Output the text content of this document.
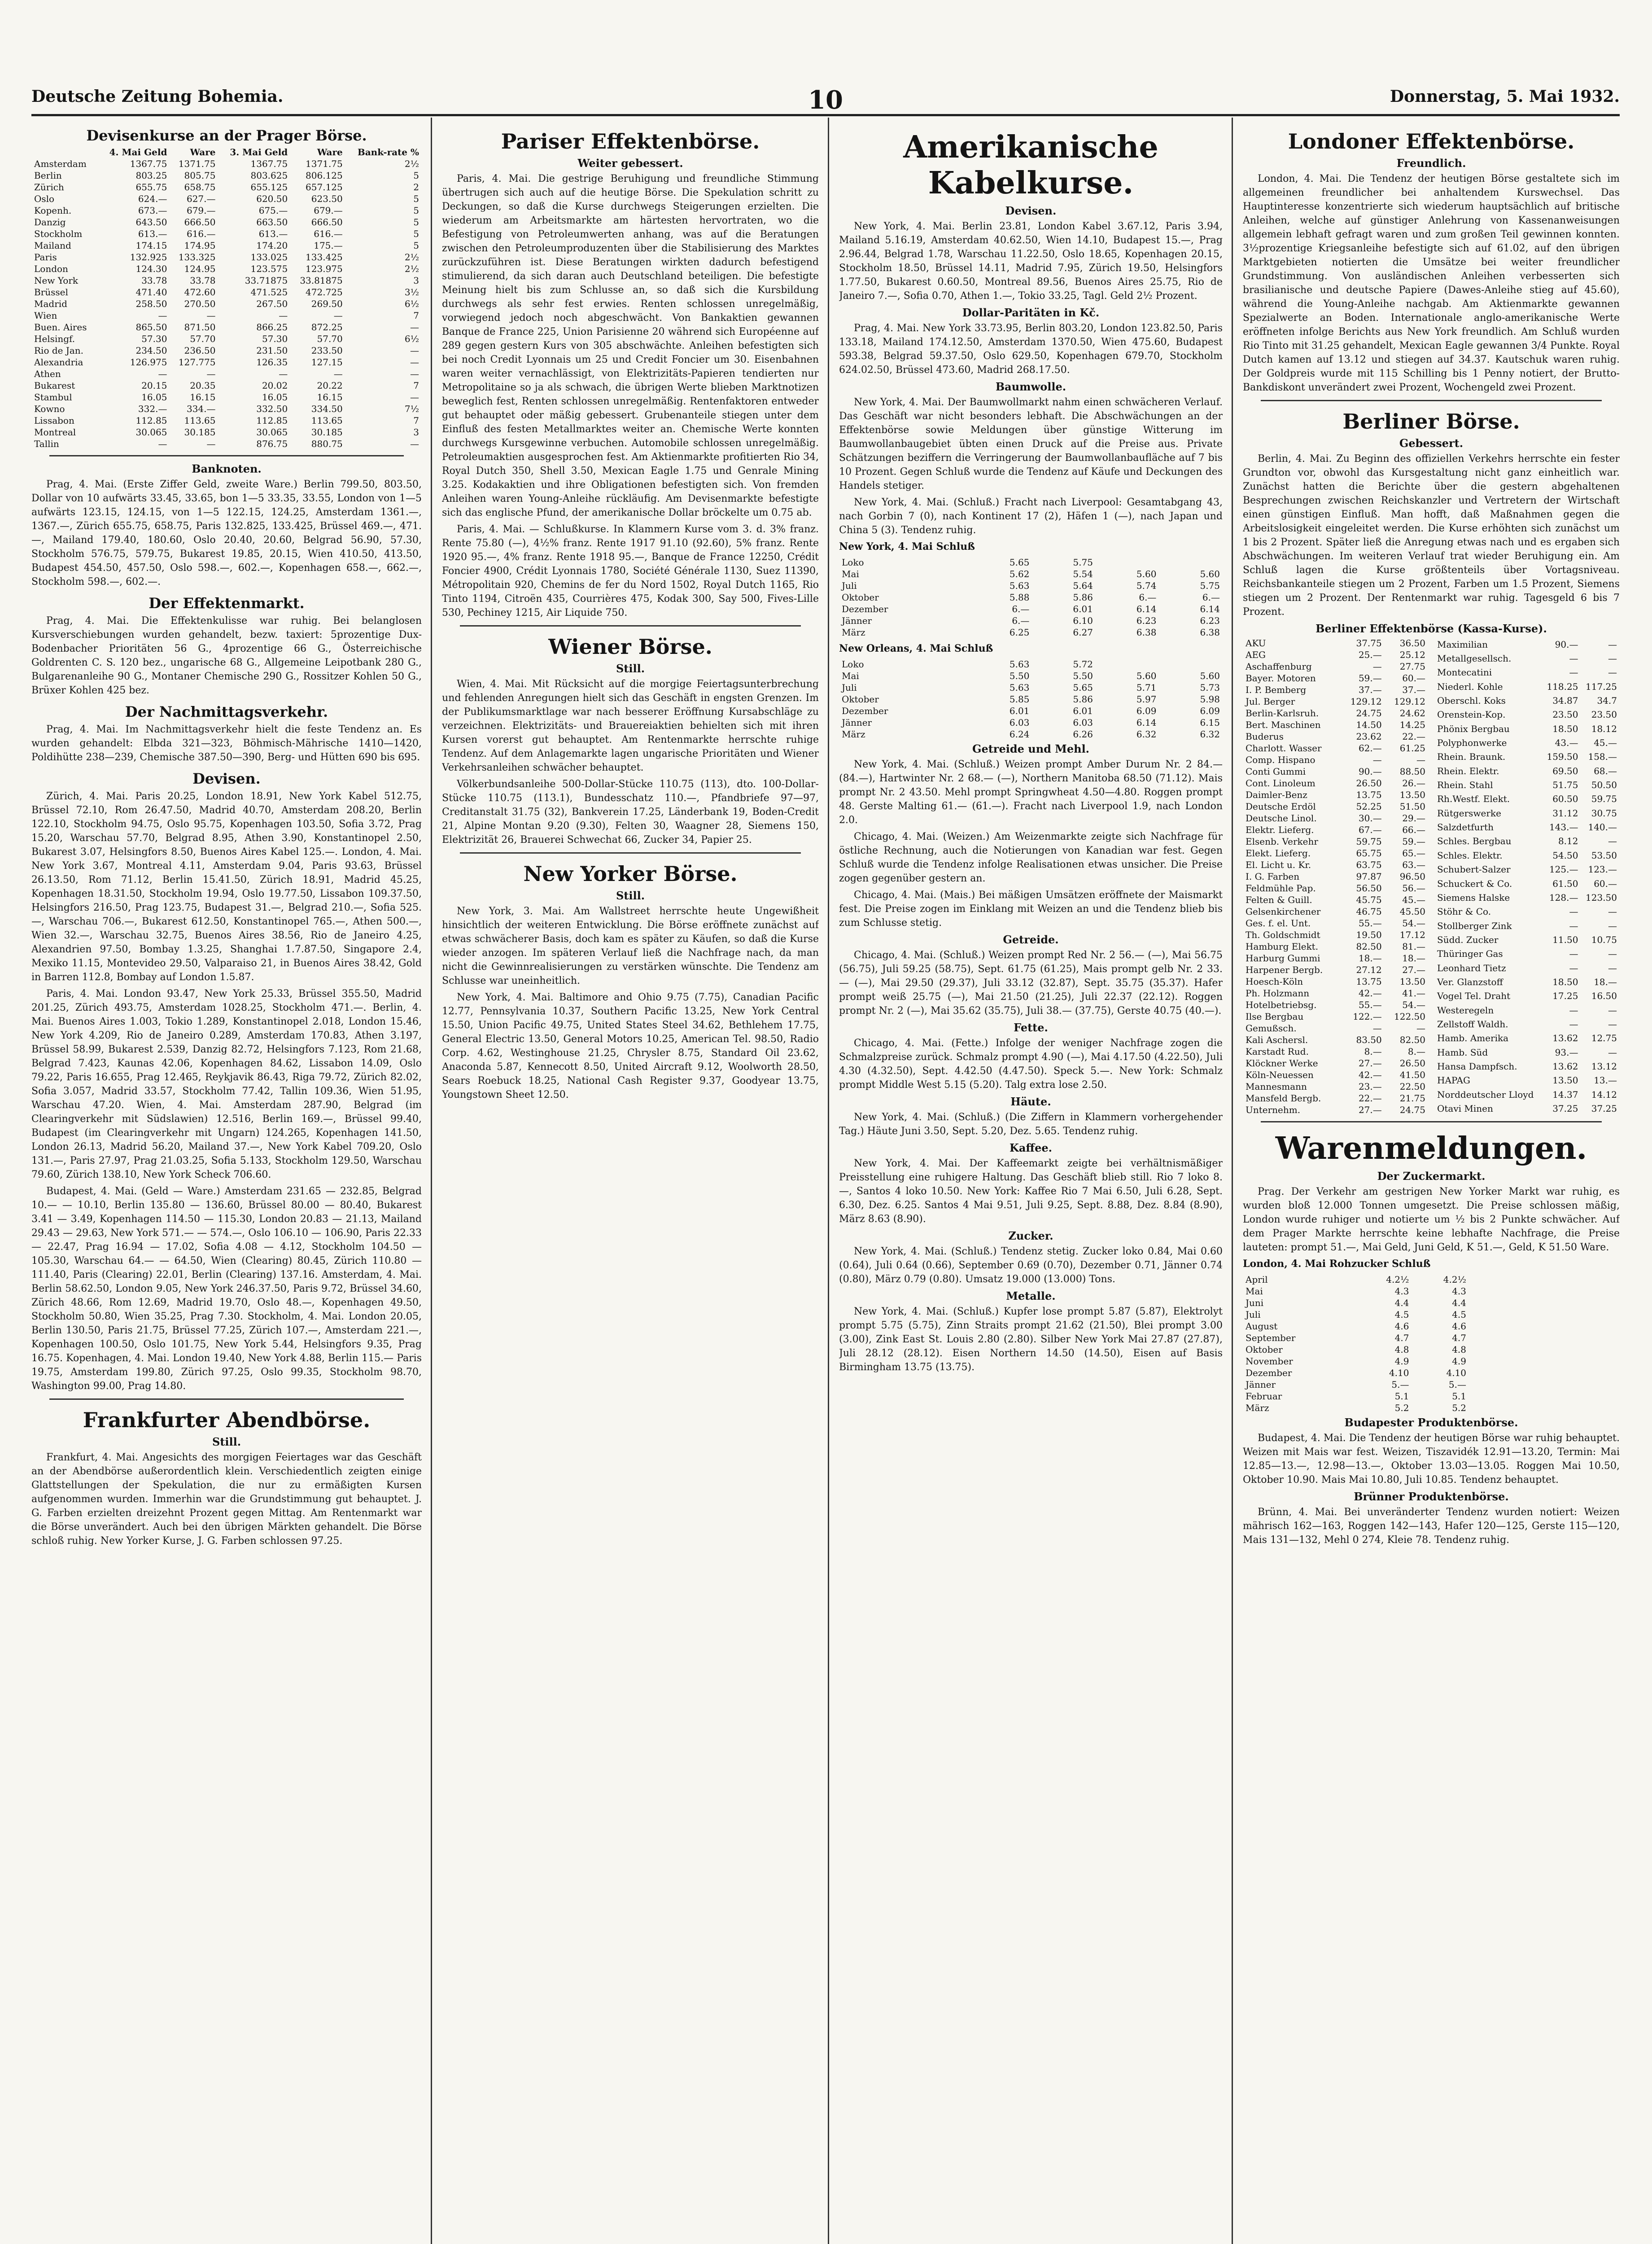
Deutsche Zeitung Bohemia.	10	Donnerstag, 5. Mai 1932.
Devisenkurse an der Prager Börse.
	4. Mai Geld	Ware	3. Mai Geld	Ware	Bank-rate %
Amsterdam	1367.75	1371.75	1367.75	1371.75	2½
Berlin	803.25	805.75	803.625	806.125	5
Zürich	655.75	658.75	655.125	657.125	2
Oslo	624.—	627.—	620.50	623.50	5
Kopenh.	673.—	679.—	675.—	679.—	5
Danzig	643.50	666.50	663.50	666.50	5
Stockholm	613.—	616.—	613.—	616.—	5
Mailand	174.15	174.95	174.20	175.—	5
Paris	132.925	133.325	133.025	133.425	2½
London	124.30	124.95	123.575	123.975	2½
New York	33.78	33.78	33.71875	33.81875	3
Brüssel	471.40	472.60	471.525	472.725	3½
Madrid	258.50	270.50	267.50	269.50	6½
Wien	—	—	—	—	7
Buen. Aires	865.50	871.50	866.25	872.25	—
Helsingf.	57.30	57.70	57.30	57.70	6½
Rio de Jan.	234.50	236.50	231.50	233.50	—
Alexandria	126.975	127.775	126.35	127.15	—
Athen	—	—	—	—	—
Bukarest	20.15	20.35	20.02	20.22	7
Stambul	16.05	16.15	16.05	16.15	—
Kowno	332.—	334.—	332.50	334.50	7½
Lissabon	112.85	113.65	112.85	113.65	7
Montreal	30.065	30.185	30.065	30.185	3
Tallin	—	—	876.75	880.75	—
Banknoten.

Prag, 4. Mai. (Erste Ziffer Geld, zweite Ware.) Berlin 799.50, 803.50, Dollar von 10 aufwärts 33.45, 33.65, bon 1—5 33.35, 33.55, London von 1—5 aufwärts 123.15, 124.15, von 1—5 122.15, 124.25, Amsterdam 1361.—, 1367.—, Zürich 655.75, 658.75, Paris 132.825, 133.425, Brüssel 469.—, 471.—, Mailand 179.40, 180.60, Oslo 20.40, 20.60, Belgrad 56.90, 57.30, Stockholm 576.75, 579.75, Bukarest 19.85, 20.15, Wien 410.50, 413.50, Budapest 454.50, 457.50, Oslo 598.—, 602.—, Kopenhagen 658.—, 662.—, Stockholm 598.—, 602.—.

Der Effektenmarkt.

Prag, 4. Mai. Die Effektenkulisse war ruhig. Bei belanglosen Kursverschiebungen wurden gehandelt, bezw. taxiert: 5prozentige Dux-Bodenbacher Prioritäten 56 G., 4prozentige 66 G., Österreichische Goldrenten C. S. 120 bez., ungarische 68 G., Allgemeine Leipotbank 280 G., Bulgarenanleihe 90 G., Montaner Chemische 290 G., Rossitzer Kohlen 50 G., Brüxer Kohlen 425 bez.

Der Nachmittagsverkehr.

Prag, 4. Mai. Im Nachmittagsverkehr hielt die feste Tendenz an. Es wurden gehandelt: Elbda 321—323, Böhmisch-Mährische 1410—1420, Poldihütte 238—239, Chemische 387.50—390, Berg- und Hütten 690 bis 695.

Devisen.

Zürich, 4. Mai. Paris 20.25, London 18.91, New York Kabel 512.75, Brüssel 72.10, Rom 26.47.50, Madrid 40.70, Amsterdam 208.20, Berlin 122.10, Stockholm 94.75, Oslo 95.75, Kopenhagen 103.50, Sofia 3.72, Prag 15.20, Warschau 57.70, Belgrad 8.95, Athen 3.90, Konstantinopel 2.50, Bukarest 3.07, Helsingfors 8.50, Buenos Aires Kabel 125.—. London, 4. Mai. New York 3.67, Montreal 4.11, Amsterdam 9.04, Paris 93.63, Brüssel 26.13.50, Rom 71.12, Berlin 15.41.50, Zürich 18.91, Madrid 45.25, Kopenhagen 18.31.50, Stockholm 19.94, Oslo 19.77.50, Lissabon 109.37.50, Helsingfors 216.50, Prag 123.75, Budapest 31.—, Belgrad 210.—, Sofia 525.—, Warschau 706.—, Bukarest 612.50, Konstantinopel 765.—, Athen 500.—, Wien 32.—, Warschau 32.75, Buenos Aires 38.56, Rio de Janeiro 4.25, Alexandrien 97.50, Bombay 1.3.25, Shanghai 1.7.87.50, Singapore 2.4, Mexiko 11.15, Montevideo 29.50, Valparaiso 21, in Buenos Aires 38.42, Gold in Barren 112.8, Bombay auf London 1.5.87.

Paris, 4. Mai. London 93.47, New York 25.33, Brüssel 355.50, Madrid 201.25, Zürich 493.75, Amsterdam 1028.25, Stockholm 471.—. Berlin, 4. Mai. Buenos Aires 1.003, Tokio 1.289, Konstantinopel 2.018, London 15.46, New York 4.209, Rio de Janeiro 0.289, Amsterdam 170.83, Athen 3.197, Brüssel 58.99, Bukarest 2.539, Danzig 82.72, Helsingfors 7.123, Rom 21.68, Belgrad 7.423, Kaunas 42.06, Kopenhagen 84.62, Lissabon 14.09, Oslo 79.22, Paris 16.655, Prag 12.465, Reykjavik 86.43, Riga 79.72, Zürich 82.02, Sofia 3.057, Madrid 33.57, Stockholm 77.42, Tallin 109.36, Wien 51.95, Warschau 47.20. Wien, 4. Mai. Amsterdam 287.90, Belgrad (im Clearingverkehr mit Südslawien) 12.516, Berlin 169.—, Brüssel 99.40, Budapest (im Clearingverkehr mit Ungarn) 124.265, Kopenhagen 141.50, London 26.13, Madrid 56.20, Mailand 37.—, New York Kabel 709.20, Oslo 131.—, Paris 27.97, Prag 21.03.25, Sofia 5.133, Stockholm 129.50, Warschau 79.60, Zürich 138.10, New York Scheck 706.60.

Budapest, 4. Mai. (Geld — Ware.) Amsterdam 231.65 — 232.85, Belgrad 10.— — 10.10, Berlin 135.80 — 136.60, Brüssel 80.00 — 80.40, Bukarest 3.41 — 3.49, Kopenhagen 114.50 — 115.30, London 20.83 — 21.13, Mailand 29.43 — 29.63, New York 571.— — 574.—, Oslo 106.10 — 106.90, Paris 22.33 — 22.47, Prag 16.94 — 17.02, Sofia 4.08 — 4.12, Stockholm 104.50 — 105.30, Warschau 64.— — 64.50, Wien (Clearing) 80.45, Zürich 110.80 — 111.40, Paris (Clearing) 22.01, Berlin (Clearing) 137.16. Amsterdam, 4. Mai. Berlin 58.62.50, London 9.05, New York 246.37.50, Paris 9.72, Brüssel 34.60, Zürich 48.66, Rom 12.69, Madrid 19.70, Oslo 48.—, Kopenhagen 49.50, Stockholm 50.80, Wien 35.25, Prag 7.30. Stockholm, 4. Mai. London 20.05, Berlin 130.50, Paris 21.75, Brüssel 77.25, Zürich 107.—, Amsterdam 221.—, Kopenhagen 100.50, Oslo 101.75, New York 5.44, Helsingfors 9.35, Prag 16.75. Kopenhagen, 4. Mai. London 19.40, New York 4.88, Berlin 115.— Paris 19.75, Amsterdam 199.80, Zürich 97.25, Oslo 99.35, Stockholm 98.70, Washington 99.00, Prag 14.80.

Frankfurter Abendbörse.
Still.

Frankfurt, 4. Mai. Angesichts des morgigen Feiertages war das Geschäft an der Abendbörse außerordentlich klein. Verschiedentlich zeigten einige Glattstellungen der Spekulation, die nur zu ermäßigten Kursen aufgenommen wurden. Immerhin war die Grundstimmung gut behauptet. J. G. Farben erzielten dreizehnt Prozent gegen Mittag. Am Rentenmarkt war die Börse unverändert. Auch bei den übrigen Märkten gehandelt. Die Börse schloß ruhig. New Yorker Kurse, J. G. Farben schlossen 97.25.

Pariser Effektenbörse.
Weiter gebessert.

Paris, 4. Mai. Die gestrige Beruhigung und freundliche Stimmung übertrugen sich auch auf die heutige Börse. Die Spekulation schritt zu Deckungen, so daß die Kurse durchwegs Steigerungen erzielten. Die wiederum am Arbeitsmarkte am härtesten hervortraten, wo die Befestigung von Petroleumwerten anhang, was auf die Beratungen zwischen den Petroleumproduzenten über die Stabilisierung des Marktes zurückzuführen ist. Diese Beratungen wirkten dadurch befestigend stimulierend, da sich daran auch Deutschland beteiligen. Die befestigte Meinung hielt bis zum Schlusse an, so daß sich die Kursbildung durchwegs als sehr fest erwies. Renten schlossen unregelmäßig, vorwiegend jedoch noch abgeschwächt. Von Bankaktien gewannen Banque de France 225, Union Parisienne 20 während sich Européenne auf 289 gegen gestern Kurs von 305 abschwächte. Anleihen befestigten sich bei noch Credit Lyonnais um 25 und Credit Foncier um 30. Eisenbahnen waren weiter vernachlässigt, von Elektrizitäts-Papieren tendierten nur Metropolitaine so ja als schwach, die übrigen Werte blieben Marktnotizen beweglich fest, Renten schlossen unregelmäßig. Rentenfaktoren entweder gut behauptet oder mäßig gebessert. Grubenanteile stiegen unter dem Einfluß des festen Metallmarktes weiter an. Chemische Werte konnten durchwegs Kursgewinne verbuchen. Automobile schlossen unregelmäßig. Petroleumaktien ausgesprochen fest. Am Aktienmarkte profitierten Rio 34, Royal Dutch 350, Shell 3.50, Mexican Eagle 1.75 und Genrale Mining 3.25. Kodakaktien und ihre Obligationen befestigten sich. Von fremden Anleihen waren Young-Anleihe rückläufig. Am Devisenmarkte befestigte sich das englische Pfund, der amerikanische Dollar bröckelte um 0.75 ab.

Paris, 4. Mai. — Schlußkurse. In Klammern Kurse vom 3. d. 3% franz. Rente 75.80 (—), 4½% franz. Rente 1917 91.10 (92.60), 5% franz. Rente 1920 95.—, 4% franz. Rente 1918 95.—, Banque de France 12250, Crédit Foncier 4900, Crédit Lyonnais 1780, Société Générale 1130, Suez 11390, Métropolitain 920, Chemins de fer du Nord 1502, Royal Dutch 1165, Rio Tinto 1194, Citroën 435, Courrières 475, Kodak 300, Say 500, Fives-Lille 530, Pechiney 1215, Air Liquide 750.

Wiener Börse.
Still.

Wien, 4. Mai. Mit Rücksicht auf die morgige Feiertagsunterbrechung und fehlenden Anregungen hielt sich das Geschäft in engsten Grenzen. Im der Publikumsmarktlage war nach besserer Eröffnung Kursabschläge zu verzeichnen. Elektrizitäts- und Brauereiaktien behielten sich mit ihren Kursen vorerst gut behauptet. Am Rentenmarkte herrschte ruhige Tendenz. Auf dem Anlagemarkte lagen ungarische Prioritäten und Wiener Verkehrsanleihen schwächer behauptet.

Völkerbundsanleihe 500-Dollar-Stücke 110.75 (113), dto. 100-Dollar-Stücke 110.75 (113.1), Bundesschatz 110.—, Pfandbriefe 97—97, Creditanstalt 31.75 (32), Bankverein 17.25, Länderbank 19, Boden-Credit 21, Alpine Montan 9.20 (9.30), Felten 30, Waagner 28, Siemens 150, Elektrizität 26, Brauerei Schwechat 66, Zucker 34, Papier 25.

New Yorker Börse.
Still.

New York, 3. Mai. Am Wallstreet herrschte heute Ungewißheit hinsichtlich der weiteren Entwicklung. Die Börse eröffnete zunächst auf etwas schwächerer Basis, doch kam es später zu Käufen, so daß die Kurse wieder anzogen. Im späteren Verlauf ließ die Nachfrage nach, da man nicht die Gewinnrealisierungen zu verstärken wünschte. Die Tendenz am Schlusse war uneinheitlich.

New York, 4. Mai. Baltimore and Ohio 9.75 (7.75), Canadian Pacific 12.77, Pennsylvania 10.37, Southern Pacific 13.25, New York Central 15.50, Union Pacific 49.75, United States Steel 34.62, Bethlehem 17.75, General Electric 13.50, General Motors 10.25, American Tel. 98.50, Radio Corp. 4.62, Westinghouse 21.25, Chrysler 8.75, Standard Oil 23.62, Anaconda 5.87, Kennecott 8.50, United Aircraft 9.12, Woolworth 28.50, Sears Roebuck 18.25, National Cash Register 9.37, Goodyear 13.75, Youngstown Sheet 12.50.

Amerikanische Kabelkurse.
Devisen.

New York, 4. Mai. Berlin 23.81, London Kabel 3.67.12, Paris 3.94, Mailand 5.16.19, Amsterdam 40.62.50, Wien 14.10, Budapest 15.—, Prag 2.96.44, Belgrad 1.78, Warschau 11.22.50, Oslo 18.65, Kopenhagen 20.15, Stockholm 18.50, Brüssel 14.11, Madrid 7.95, Zürich 19.50, Helsingfors 1.77.50, Bukarest 0.60.50, Montreal 89.56, Buenos Aires 25.75, Rio de Janeiro 7.—, Sofia 0.70, Athen 1.—, Tokio 33.25, Tagl. Geld 2½ Prozent.

Dollar-Paritäten in Kč.

Prag, 4. Mai. New York 33.73.95, Berlin 803.20, London 123.82.50, Paris 133.18, Mailand 174.12.50, Amsterdam 1370.50, Wien 475.60, Budapest 593.38, Belgrad 59.37.50, Oslo 629.50, Kopenhagen 679.70, Stockholm 624.02.50, Brüssel 473.60, Madrid 268.17.50.

Baumwolle.

New York, 4. Mai. Der Baumwollmarkt nahm einen schwächeren Verlauf. Das Geschäft war nicht besonders lebhaft. Die Abschwächungen an der Effektenbörse sowie Meldungen über günstige Witterung im Baumwollanbaugebiet übten einen Druck auf die Preise aus. Private Schätzungen beziffern die Verringerung der Baumwollanbaufläche auf 7 bis 10 Prozent. Gegen Schluß wurde die Tendenz auf Käufe und Deckungen des Handels stetiger.

New York, 4. Mai. (Schluß.) Fracht nach Liverpool: Gesamtabgang 43, nach Gorbin 7 (0), nach Kontinent 17 (2), Häfen 1 (—), nach Japan und China 5 (3). Tendenz ruhig.

New York, 4. Mai Schluß

Loko	5.65	5.75		
Mai	5.62	5.54	5.60	5.60
Juli	5.63	5.64	5.74	5.75
Oktober	5.88	5.86	6.—	6.—
Dezember	6.—	6.01	6.14	6.14
Jänner	6.—	6.10	6.23	6.23
März	6.25	6.27	6.38	6.38

New Orleans, 4. Mai Schluß

Loko	5.63	5.72		
Mai	5.50	5.50	5.60	5.60
Juli	5.63	5.65	5.71	5.73
Oktober	5.85	5.86	5.97	5.98
Dezember	6.01	6.01	6.09	6.09
Jänner	6.03	6.03	6.14	6.15
März	6.24	6.26	6.32	6.32
Getreide und Mehl.

New York, 4. Mai. (Schluß.) Weizen prompt Amber Durum Nr. 2 84.— (84.—), Hartwinter Nr. 2 68.— (—), Northern Manitoba 68.50 (71.12). Mais prompt Nr. 2 43.50. Mehl prompt Springwheat 4.50—4.80. Roggen prompt 48. Gerste Malting 61.— (61.—). Fracht nach Liverpool 1.9, nach London 2.0.

Chicago, 4. Mai. (Weizen.) Am Weizenmarkte zeigte sich Nachfrage für östliche Rechnung, auch die Notierungen von Kanadian war fest. Gegen Schluß wurde die Tendenz infolge Realisationen etwas unsicher. Die Preise zogen gegenüber gestern an.

Chicago, 4. Mai. (Mais.) Bei mäßigen Umsätzen eröffnete der Maismarkt fest. Die Preise zogen im Einklang mit Weizen an und die Tendenz blieb bis zum Schlusse stetig.

Getreide.

Chicago, 4. Mai. (Schluß.) Weizen prompt Red Nr. 2 56.— (—), Mai 56.75 (56.75), Juli 59.25 (58.75), Sept. 61.75 (61.25), Mais prompt gelb Nr. 2 33.— (—), Mai 29.50 (29.37), Juli 33.12 (32.87), Sept. 35.75 (35.37). Hafer prompt weiß 25.75 (—), Mai 21.50 (21.25), Juli 22.37 (22.12). Roggen prompt Nr. 2 (—), Mai 35.62 (35.75), Juli 38.— (37.75), Gerste 40.75 (40.—).

Fette.

Chicago, 4. Mai. (Fette.) Infolge der weniger Nachfrage zogen die Schmalzpreise zurück. Schmalz prompt 4.90 (—), Mai 4.17.50 (4.22.50), Juli 4.30 (4.32.50), Sept. 4.42.50 (4.47.50). Speck 5.—. New York: Schmalz prompt Middle West 5.15 (5.20). Talg extra lose 2.50.

Häute.

New York, 4. Mai. (Schluß.) (Die Ziffern in Klammern vorhergehender Tag.) Häute Juni 3.50, Sept. 5.20, Dez. 5.65. Tendenz ruhig.

Kaffee.

New York, 4. Mai. Der Kaffeemarkt zeigte bei verhältnismäßiger Preisstellung eine ruhigere Haltung. Das Geschäft blieb still. Rio 7 loko 8.—, Santos 4 loko 10.50. New York: Kaffee Rio 7 Mai 6.50, Juli 6.28, Sept. 6.30, Dez. 6.25. Santos 4 Mai 9.51, Juli 9.25, Sept. 8.88, Dez. 8.84 (8.90), März 8.63 (8.90).

Zucker.

New York, 4. Mai. (Schluß.) Tendenz stetig. Zucker loko 0.84, Mai 0.60 (0.64), Juli 0.64 (0.66), September 0.69 (0.70), Dezember 0.71, Jänner 0.74 (0.80), März 0.79 (0.80). Umsatz 19.000 (13.000) Tons.

Metalle.

New York, 4. Mai. (Schluß.) Kupfer lose prompt 5.87 (5.87), Elektrolyt prompt 5.75 (5.75), Zinn Straits prompt 21.62 (21.50), Blei prompt 3.00 (3.00), Zink East St. Louis 2.80 (2.80). Silber New York Mai 27.87 (27.87), Juli 28.12 (28.12). Eisen Northern 14.50 (14.50), Eisen auf Basis Birmingham 13.75 (13.75).

Londoner Effektenbörse.
Freundlich.

London, 4. Mai. Die Tendenz der heutigen Börse gestaltete sich im allgemeinen freundlicher bei anhaltendem Kurswechsel. Das Hauptinteresse konzentrierte sich wiederum hauptsächlich auf britische Anleihen, welche auf günstiger Anlehrung von Kassenanweisungen allgemein lebhaft gefragt waren und zum großen Teil gewinnen konnten. 3½prozentige Kriegsanleihe befestigte sich auf 61.02, auf den übrigen Marktgebieten notierten die Umsätze bei weiter freundlicher Grundstimmung. Von ausländischen Anleihen verbesserten sich brasilianische und deutsche Papiere (Dawes-Anleihe stieg auf 45.60), während die Young-Anleihe nachgab. Am Aktienmarkte gewannen Spezialwerte an Boden. Internationale anglo-amerikanische Werte eröffneten infolge Berichts aus New York freundlich. Am Schluß wurden Rio Tinto mit 31.25 gehandelt, Mexican Eagle gewannen 3/4 Punkte. Royal Dutch kamen auf 13.12 und stiegen auf 34.37. Kautschuk waren ruhig. Der Goldpreis wurde mit 115 Schilling bis 1 Penny notiert, der Brutto-Bankdiskont unverändert zwei Prozent, Wochengeld zwei Prozent.

Berliner Börse.
Gebessert.

Berlin, 4. Mai. Zu Beginn des offiziellen Verkehrs herrschte ein fester Grundton vor, obwohl das Kursgestaltung nicht ganz einheitlich war. Zunächst hatten die Berichte über die gestern abgehaltenen Besprechungen zwischen Reichskanzler und Vertretern der Wirtschaft einen günstigen Einfluß. Man hofft, daß Maßnahmen gegen die Arbeitslosigkeit eingeleitet werden. Die Kurse erhöhten sich zunächst um 1 bis 2 Prozent. Später ließ die Anregung etwas nach und es ergaben sich Abschwächungen. Im weiteren Verlauf trat wieder Beruhigung ein. Am Schluß lagen die Kurse größtenteils über Vortagsniveau. Reichsbankanteile stiegen um 2 Prozent, Farben um 1.5 Prozent, Siemens stiegen um 2 Prozent. Der Rentenmarkt war ruhig. Tagesgeld 6 bis 7 Prozent.

Berliner Effektenbörse (Kassa-Kurse).
AKU	37.75	36.50
AEG	25.—	25.12
Aschaffenburg	—	27.75
Bayer. Motoren	59.—	60.—
I. P. Bemberg	37.—	37.—
Jul. Berger	129.12	129.12
Berlin-Karlsruh.	24.75	24.62
Bert. Maschinen	14.50	14.25
Buderus	23.62	22.—
Charlott. Wasser	62.—	61.25
Comp. Hispano	—	—
Conti Gummi	90.—	88.50
Cont. Linoleum	26.50	26.—
Daimler-Benz	13.75	13.50
Deutsche Erdöl	52.25	51.50
Deutsche Linol.	30.—	29.—
Elektr. Lieferg.	67.—	66.—
Elsenb. Verkehr	59.75	59.—
Elekt. Lieferg.	65.75	65.—
El. Licht u. Kr.	63.75	63.—
I. G. Farben	97.87	96.50
Feldmühle Pap.	56.50	56.—
Felten & Guill.	45.75	45.—
Gelsenkirchener	46.75	45.50
Ges. f. el. Unt.	55.—	54.—
Th. Goldschmidt	19.50	17.12
Hamburg Elekt.	82.50	81.—
Harburg Gummi	18.—	18.—
Harpener Bergb.	27.12	27.—
Hoesch-Köln	13.75	13.50
Ph. Holzmann	42.—	41.—
Hotelbetriebsg.	55.—	54.—
Ilse Bergbau	122.—	122.50
Gemußsch.	—	—
Kali Aschersl.	83.50	82.50
Karstadt Rud.	8.—	8.—
Klöckner Werke	27.—	26.50
Köln-Neuessen	42.—	41.50
Mannesmann	23.—	22.50
Mansfeld Bergb.	22.—	21.75
Unternehm.	27.—	24.75
Maximilian	90.—	—
Metallgesellsch.	—	—
Montecatini	—	—
Niederl. Kohle	118.25	117.25
Oberschl. Koks	34.87	34.7
Orenstein-Kop.	23.50	23.50
Phönix Bergbau	18.50	18.12
Polyphonwerke	43.—	45.—
Rhein. Braunk.	159.50	158.—
Rhein. Elektr.	69.50	68.—
Rhein. Stahl	51.75	50.50
Rh.Westf. Elekt.	60.50	59.75
Rütgerswerke	31.12	30.75
Salzdetfurth	143.—	140.—
Schles. Bergbau	8.12	—
Schles. Elektr.	54.50	53.50
Schubert-Salzer	125.—	123.—
Schuckert & Co.	61.50	60.—
Siemens Halske	128.—	123.50
Stöhr & Co.	—	—
Stollberger Zink	—	—
Südd. Zucker	11.50	10.75
Thüringer Gas	—	—
Leonhard Tietz	—	—
Ver. Glanzstoff	18.50	18.—
Vogel Tel. Draht	17.25	16.50
Westeregeln	—	—
Zellstoff Waldh.	—	—
Hamb. Amerika	13.62	12.75
Hamb. Süd	93.—	—
Hansa Dampfsch.	13.62	13.12
HAPAG	13.50	13.—
Norddeutscher Lloyd	14.37	14.12
Otavi Minen	37.25	37.25
Warenmeldungen.
Der Zuckermarkt.

Prag. Der Verkehr am gestrigen New Yorker Markt war ruhig, es wurden bloß 12.000 Tonnen umgesetzt. Die Preise schlossen mäßig, London wurde ruhiger und notierte um ½ bis 2 Punkte schwächer. Auf dem Prager Markte herrschte keine lebhafte Nachfrage, die Preise lauteten: prompt 51.—, Mai Geld, Juni Geld, K 51.—, Geld, K 51.50 Ware.

London, 4. Mai Rohzucker Schluß

April	4.2½	4.2½
Mai	4.3	4.3
Juni	4.4	4.4
Juli	4.5	4.5
August	4.6	4.6
September	4.7	4.7
Oktober	4.8	4.8
November	4.9	4.9
Dezember	4.10	4.10
Jänner	5.—	5.—
Februar	5.1	5.1
März	5.2	5.2
Budapester Produktenbörse.

Budapest, 4. Mai. Die Tendenz der heutigen Börse war ruhig behauptet. Weizen mit Mais war fest. Weizen, Tiszavidék 12.91—13.20, Termin: Mai 12.85—13.—, 12.98—13.—, Oktober 13.03—13.05. Roggen Mai 10.50, Oktober 10.90. Mais Mai 10.80, Juli 10.85. Tendenz behauptet.

Brünner Produktenbörse.

Brünn, 4. Mai. Bei unveränderter Tendenz wurden notiert: Weizen mährisch 162—163, Roggen 142—143, Hafer 120—125, Gerste 115—120, Mais 131—132, Mehl 0 274, Kleie 78. Tendenz ruhig.
